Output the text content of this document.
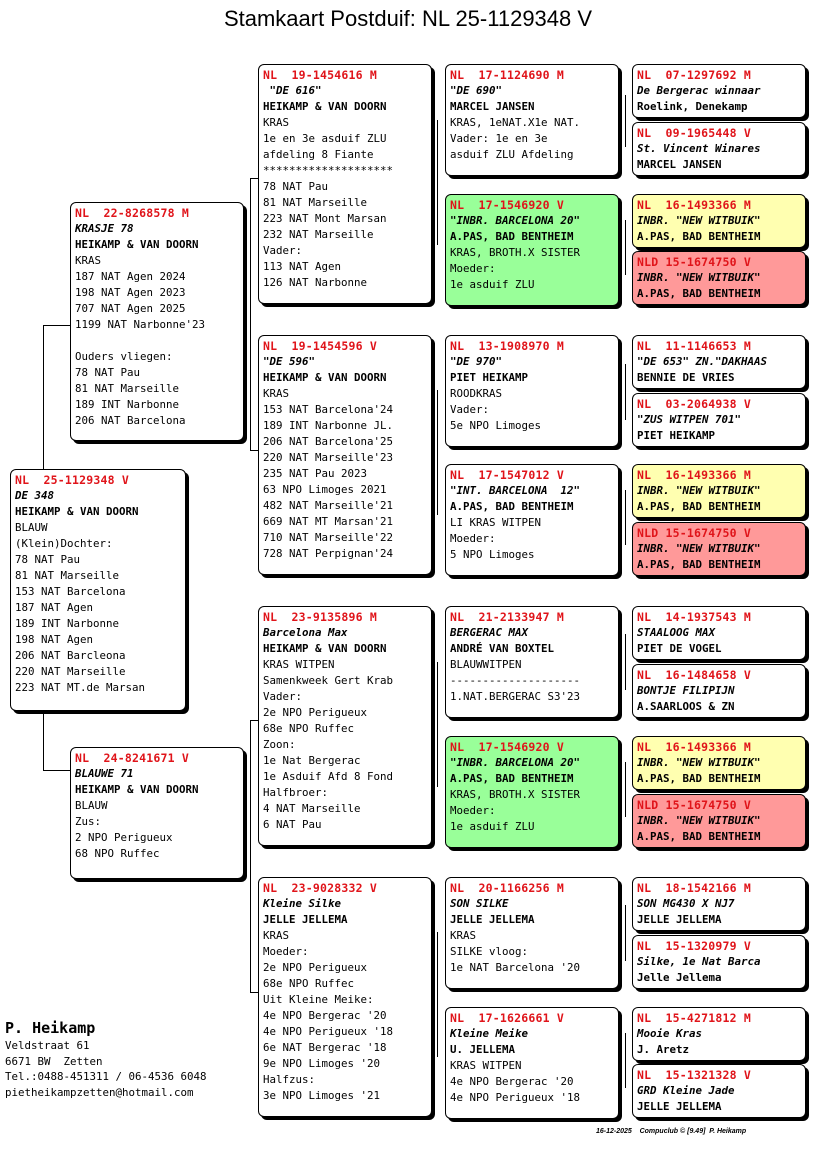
Stamkaart Postduif: NL 25-1129348 V
NL  25-1129348 V
DE 348
HEIKAMP & VAN DOORN
BLAUW
(Klein)Dochter:
78 NAT Pau
81 NAT Marseille
153 NAT Barcelona
187 NAT Agen
189 INT Narbonne
198 NAT Agen
206 NAT Barcleona
220 NAT Marseille
223 NAT MT.de Marsan
NL  22-8268578 M
KRASJE 78
HEIKAMP & VAN DOORN
KRAS
187 NAT Agen 2024
198 NAT Agen 2023
707 NAT Agen 2025
1199 NAT Narbonne'23

Ouders vliegen:
78 NAT Pau
81 NAT Marseille
189 INT Narbonne
206 NAT Barcelona
NL  24-8241671 V
BLAUWE 71
HEIKAMP & VAN DOORN
BLAUW
Zus:
2 NPO Perigueux
68 NPO Ruffec
NL  19-1454616 M
"DE 616"
HEIKAMP & VAN DOORN
KRAS
1e en 3e asduif ZLU
afdeling 8 Fiante
********************
78 NAT Pau
81 NAT Marseille
223 NAT Mont Marsan
232 NAT Marseille
Vader:
113 NAT Agen
126 NAT Narbonne
NL  19-1454596 V
"DE 596"
HEIKAMP & VAN DOORN
KRAS
153 NAT Barcelona'24
189 INT Narbonne JL.
206 NAT Barcelona'25
220 NAT Marseille'23
235 NAT Pau 2023
63 NPO Limoges 2021
482 NAT Marseille'21
669 NAT MT Marsan'21
710 NAT Marseille'22
728 NAT Perpignan'24
NL  23-9135896 M
Barcelona Max
HEIKAMP & VAN DOORN
KRAS WITPEN
Samenkweek Gert Krab
Vader:
2e NPO Perigueux
68e NPO Ruffec
Zoon:
1e Nat Bergerac
1e Asduif Afd 8 Fond
Halfbroer:
4 NAT Marseille
6 NAT Pau
NL  23-9028332 V
Kleine Silke
JELLE JELLEMA
KRAS
Moeder:
2e NPO Perigueux
68e NPO Ruffec
Uit Kleine Meike:
4e NPO Bergerac '20
4e NPO Perigueux '18
6e NAT Bergerac '18
9e NPO Limoges '20
Halfzus:
3e NPO Limoges '21
NL  17-1124690 M
"DE 690"
MARCEL JANSEN
KRAS, 1eNAT.X1e NAT.
Vader: 1e en 3e
asduif ZLU Afdeling
NL  17-1546920 V
"INBR. BARCELONA 20"
A.PAS, BAD BENTHEIM
KRAS, BROTH.X SISTER
Moeder:
1e asduif ZLU
NL  13-1908970 M
"DE 970"
PIET HEIKAMP
ROODKRAS
Vader:
5e NPO Limoges
NL  17-1547012 V
"INT. BARCELONA  12"
A.PAS, BAD BENTHEIM
LI KRAS WITPEN
Moeder:
5 NPO Limoges
NL  21-2133947 M
BERGERAC MAX
ANDRÉ VAN BOXTEL
BLAUWWITPEN
--------------------
1.NAT.BERGERAC S3'23
NL  17-1546920 V
"INBR. BARCELONA 20"
A.PAS, BAD BENTHEIM
KRAS, BROTH.X SISTER
Moeder:
1e asduif ZLU
NL  20-1166256 M
SON SILKE
JELLE JELLEMA
KRAS
SILKE vloog:
1e NAT Barcelona '20
NL  17-1626661 V
Kleine Meike
U. JELLEMA
KRAS WITPEN
4e NPO Bergerac '20
4e NPO Perigueux '18
NL  07-1297692 M
De Bergerac winnaar
Roelink, Denekamp
NL  09-1965448 V
St. Vincent Winares
MARCEL JANSEN
NL  16-1493366 M
INBR. "NEW WITBUIK"
A.PAS, BAD BENTHEIM
NLD 15-1674750 V
INBR. "NEW WITBUIK"
A.PAS, BAD BENTHEIM
NL  11-1146653 M
"DE 653" ZN."DAKHAAS
BENNIE DE VRIES
NL  03-2064938 V
"ZUS WITPEN 701"
PIET HEIKAMP
NL  16-1493366 M
INBR. "NEW WITBUIK"
A.PAS, BAD BENTHEIM
NLD 15-1674750 V
INBR. "NEW WITBUIK"
A.PAS, BAD BENTHEIM
NL  14-1937543 M
STAALOOG MAX
PIET DE VOGEL
NL  16-1484658 V
BONTJE FILIPIJN
A.SAARLOOS & ZN
NL  16-1493366 M
INBR. "NEW WITBUIK"
A.PAS, BAD BENTHEIM
NLD 15-1674750 V
INBR. "NEW WITBUIK"
A.PAS, BAD BENTHEIM
NL  18-1542166 M
SON MG430 X NJ7
JELLE JELLEMA
NL  15-1320979 V
Silke, 1e Nat Barca
Jelle Jellema
NL  15-4271812 M
Mooie Kras
J. Aretz
NL  15-1321328 V
GRD Kleine Jade
JELLE JELLEMA
P. Heikamp
Veldstraat 61
6671 BW  Zetten
Tel.:0488-451311 / 06-4536 6048
pietheikampzetten@hotmail.com
16-12-2025    Compuclub © [9.49]  P. Heikamp
